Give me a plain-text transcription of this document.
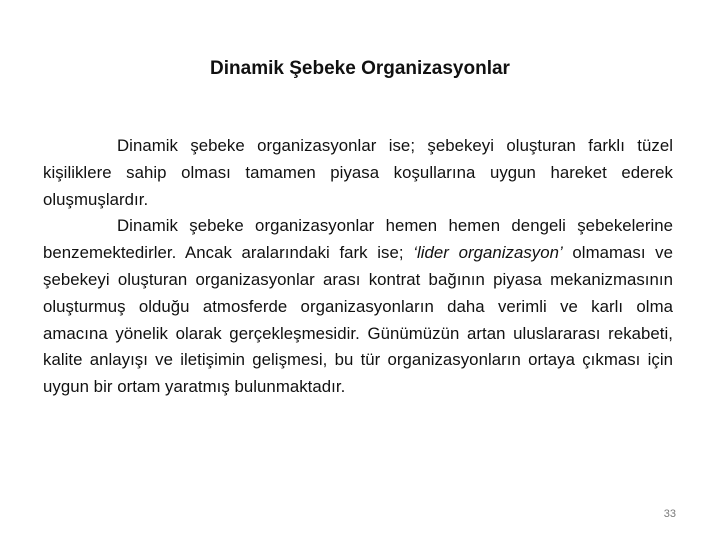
Dinamik Şebeke Organizasyonlar

Dinamik şebeke organizasyonlar ise; şebekeyi oluşturan farklı tüzel kişiliklere sahip olması tamamen piyasa koşullarına uygun hareket ederek oluşmuşlardır.

Dinamik şebeke organizasyonlar hemen hemen dengeli şebekelerine benzemektedirler. Ancak aralarındaki fark ise; ‘lider organizasyon’ olmaması ve şebekeyi oluşturan organizasyonlar arası kontrat bağının piyasa mekanizmasının oluşturmuş olduğu atmosferde organizasyonların daha verimli ve karlı olma amacına yönelik olarak gerçekleşmesidir. Günümüzün artan uluslararası rekabeti, kalite anlayışı ve iletişimin gelişmesi, bu tür organizasyonların ortaya çıkması için uygun bir ortam yaratmış bulunmaktadır.

33
